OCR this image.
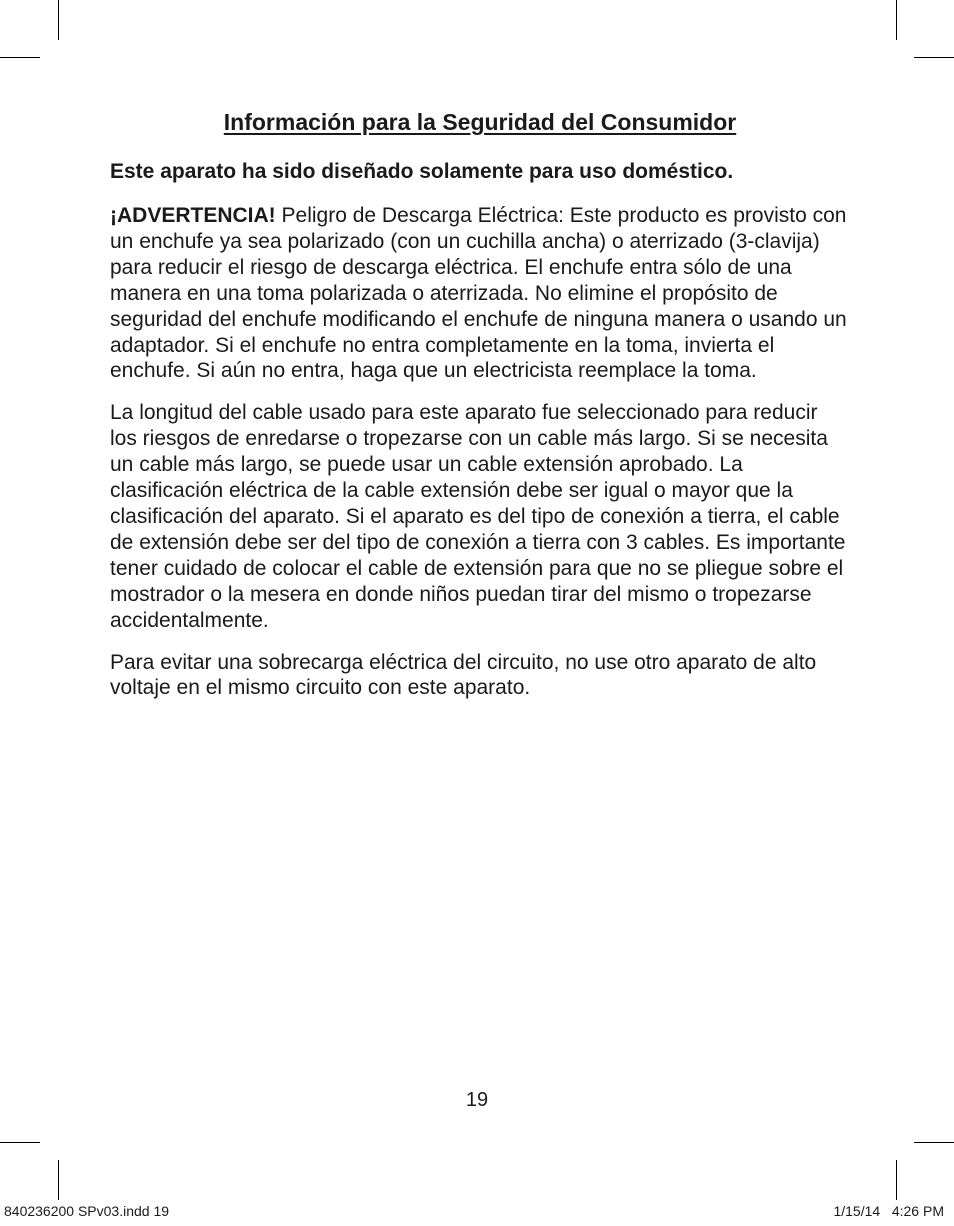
Información para la Seguridad del Consumidor

Este aparato ha sido diseñado solamente para uso doméstico.

¡ADVERTENCIA! Peligro de Descarga Eléctrica: Este producto es provisto con un enchufe ya sea polarizado (con un cuchilla ancha) o aterrizado (3-clavija) para reducir el riesgo de descarga eléctrica. El enchufe entra sólo de una manera en una toma polarizada o aterrizada. No elimine el propósito de seguridad del enchufe modificando el enchufe de ninguna manera o usando un adaptador. Si el enchufe no entra completamente en la toma, invierta el enchufe. Si aún no entra, haga que un electricista reemplace la toma.

La longitud del cable usado para este aparato fue seleccionado para reducir los riesgos de enredarse o tropezarse con un cable más largo. Si se necesita un cable más largo, se puede usar un cable extensión aprobado. La clasificación eléctrica de la cable extensión debe ser igual o mayor que la clasificación del aparato. Si el aparato es del tipo de conexión a tierra, el cable de extensión debe ser del tipo de conexión a tierra con 3 cables. Es importante tener cuidado de colocar el cable de extensión para que no se pliegue sobre el mostrador o la mesera en donde niños puedan tirar del mismo o tropezarse accidentalmente.

Para evitar una sobrecarga eléctrica del circuito, no use otro aparato de alto voltaje en el mismo circuito con este aparato.

19
840236200 SPv03.indd 19	1/15/14   4:26 PM
